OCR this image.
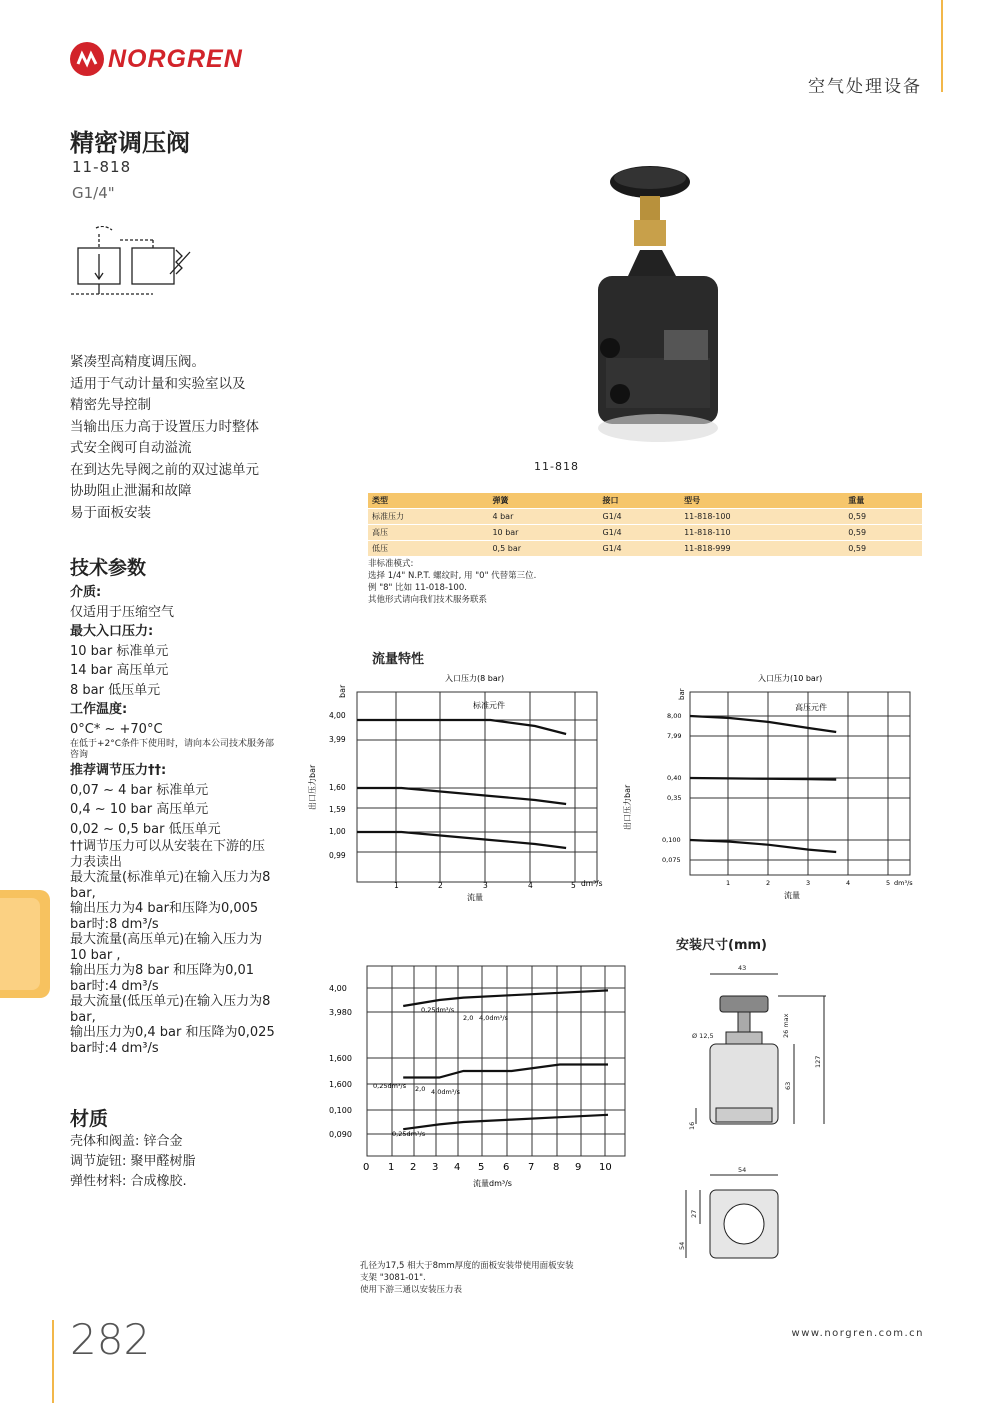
NORGREN
空气处理设备
精密调压阀
11-818
G1/4"
11-818
紧凑型高精度调压阀。
适用于气动计量和实验室以及
精密先导控制
当输出压力高于设置压力时整体
式安全阀可自动溢流
在到达先导阀之前的双过滤单元
协助阻止泄漏和故障
易于面板安装
技术参数
介质:
仅适用于压缩空气
最大入口压力:
10 bar 标准单元
14 bar 高压单元
8 bar 低压单元
工作温度:
0°C* ~ +70°C
在低于+2°C条件下使用时，请向本公司技术服务部咨询
推荐调节压力††:
0,07 ~ 4 bar 标准单元
0,4 ~ 10 bar 高压单元
0,02 ~ 0,5 bar 低压单元
††调节压力可以从安装在下游的压力表读出
最大流量(标准单元)在输入压力为8 bar,
输出压力为4 bar和压降为0,005 bar时:8 dm³/s
最大流量(高压单元)在输入压力为10 bar ,
输出压力为8 bar 和压降为0,01 bar时:4 dm³/s
最大流量(低压单元)在输入压力为8 bar,
输出压力为0,4 bar 和压降为0,025 bar时:4 dm³/s
材质
壳体和阀盖: 锌合金
调节旋钮: 聚甲醛树脂
弹性材料: 合成橡胶.
类型	弹簧	接口	型号	重量
标准压力	4 bar	G1/4	11-818-100	0,59
高压	10 bar	G1/4	11-818-110	0,59
低压	0,5 bar	G1/4	11-818-999	0,59
非标准模式:
选择 1/4" N.P.T. 螺纹时, 用 "0" 代替第三位.
例 "8" 比如 11-018-100.
其他形式请向我们技术服务联系
流量特性
入口压力(8 bar)
标准元件
bar
出口压力bar
4,00
3,99
1,60
1,59
1,00
0,99
1	2	3	4	5 dm³/s
流量
入口压力(10 bar)
高压元件
bar
出口压力bar
8,00
7,99
0,40
0,35
0,100
0,075
1	2	3	4	5 dm³/s
流量
4,00
3,980
1,600
1,600
0,100
0,090
0 1 2 3 4 5 6 7 8 9 10
流量dm³/s
0,25dm³/s
2,0 4,0dm³/s
0,25dm³/s 2,0 4,0dm³/s
0,25dm³/s
安装尺寸(mm)
43
26 max
Ø 12,5
63
127
16
54
54
27
孔径为17,5 相大于8mm厚度的面板安装带使用面板安装
支架 "3081-01".
使用下游三通以安装压力表
282	www.norgren.com.cn
